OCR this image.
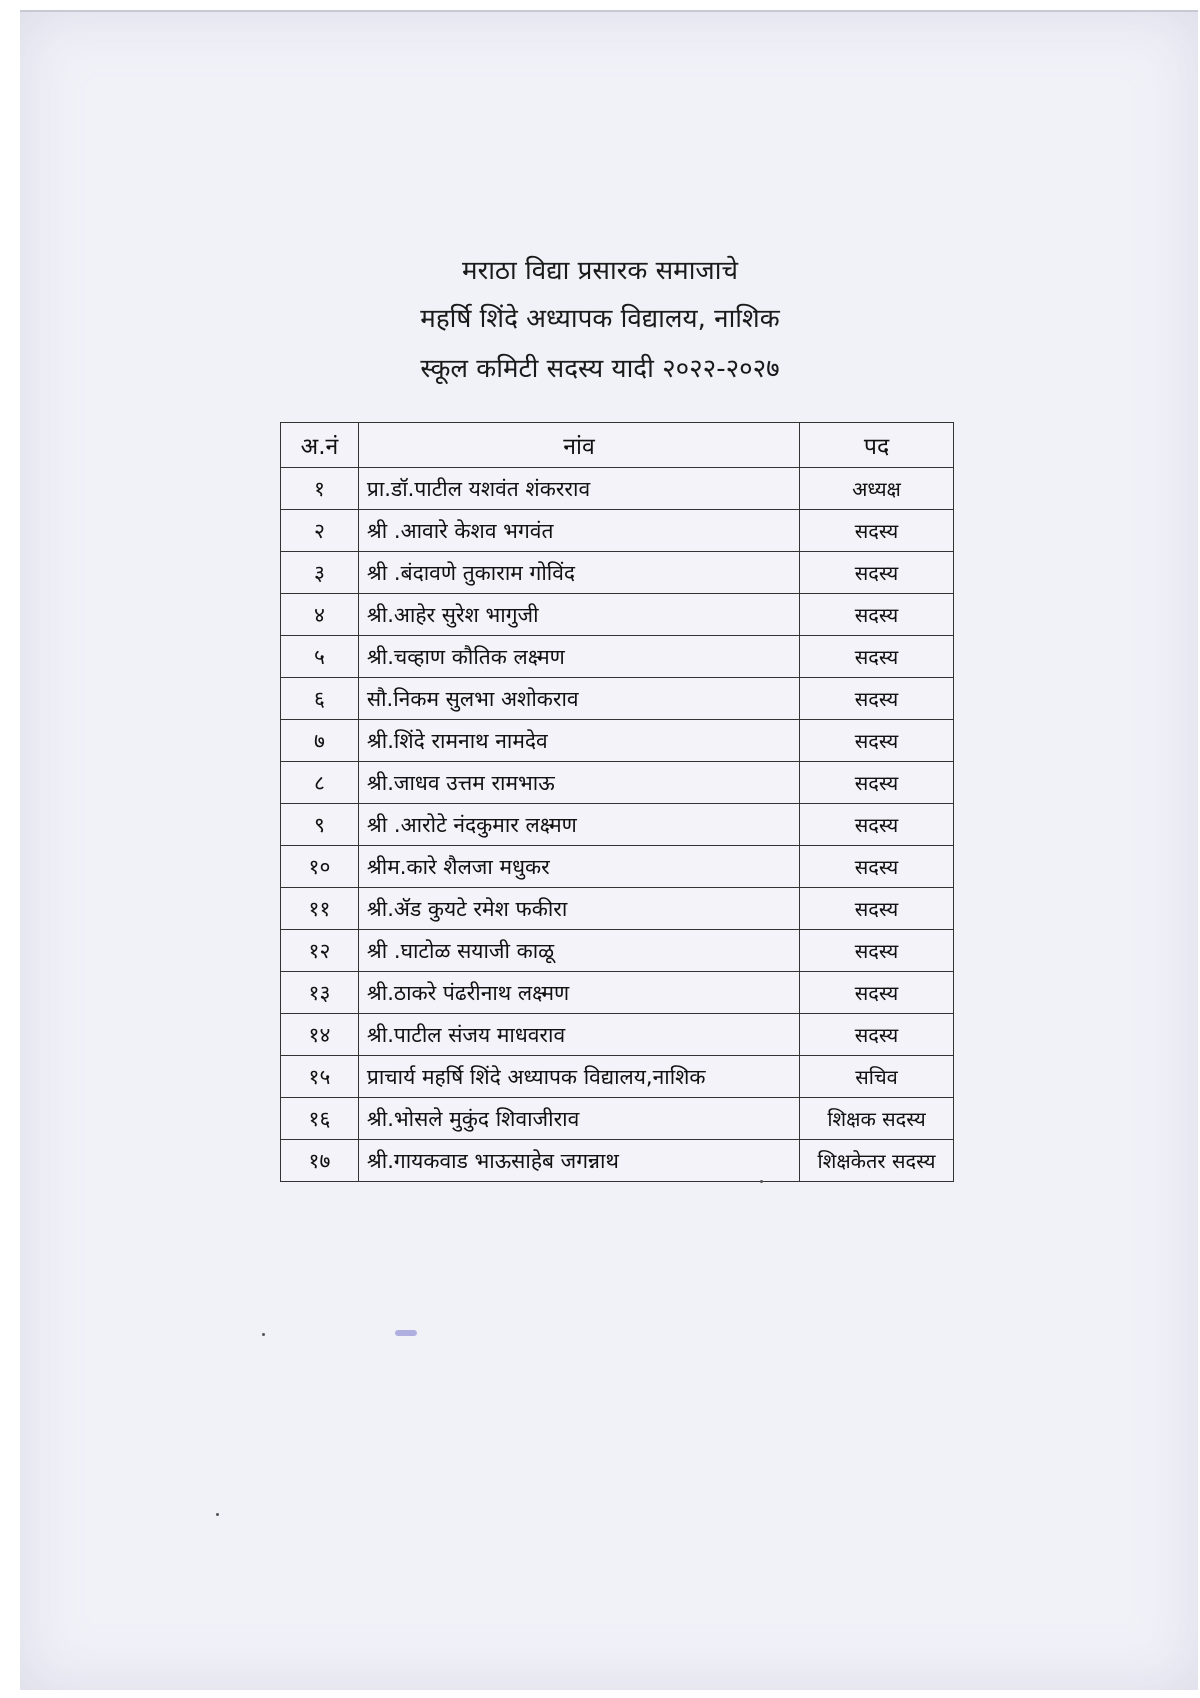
मराठा विद्या प्रसारक समाजाचे
महर्षि शिंदे अध्यापक विद्यालय, नाशिक
स्कूल कमिटी सदस्य यादी २०२२-२०२७
अ.नं	नांव	पद
१	प्रा.डॉ.पाटील यशवंत शंकरराव	अध्यक्ष
२	श्री .आवारे केशव भगवंत	सदस्य
३	श्री .बंदावणे तुकाराम गोविंद	सदस्य
४	श्री.आहेर सुरेश भागुजी	सदस्य
५	श्री.चव्हाण कौतिक लक्ष्मण	सदस्य
६	सौ.निकम सुलभा अशोकराव	सदस्य
७	श्री.शिंदे रामनाथ नामदेव	सदस्य
८	श्री.जाधव उत्तम रामभाऊ	सदस्य
९	श्री .आरोटे नंदकुमार लक्ष्मण	सदस्य
१०	श्रीम.कारे शैलजा मधुकर	सदस्य
११	श्री.ॲड कुयटे रमेश फकीरा	सदस्य
१२	श्री .घाटोळ सयाजी काळू	सदस्य
१३	श्री.ठाकरे पंढरीनाथ लक्ष्मण	सदस्य
१४	श्री.पाटील संजय माधवराव	सदस्य
१५	प्राचार्य महर्षि शिंदे अध्यापक विद्यालय,नाशिक	सचिव
१६	श्री.भोसले मुकुंद शिवाजीराव	शिक्षक सदस्य
१७	श्री.गायकवाड भाऊसाहेब जगन्नाथ	शिक्षकेतर सदस्य
